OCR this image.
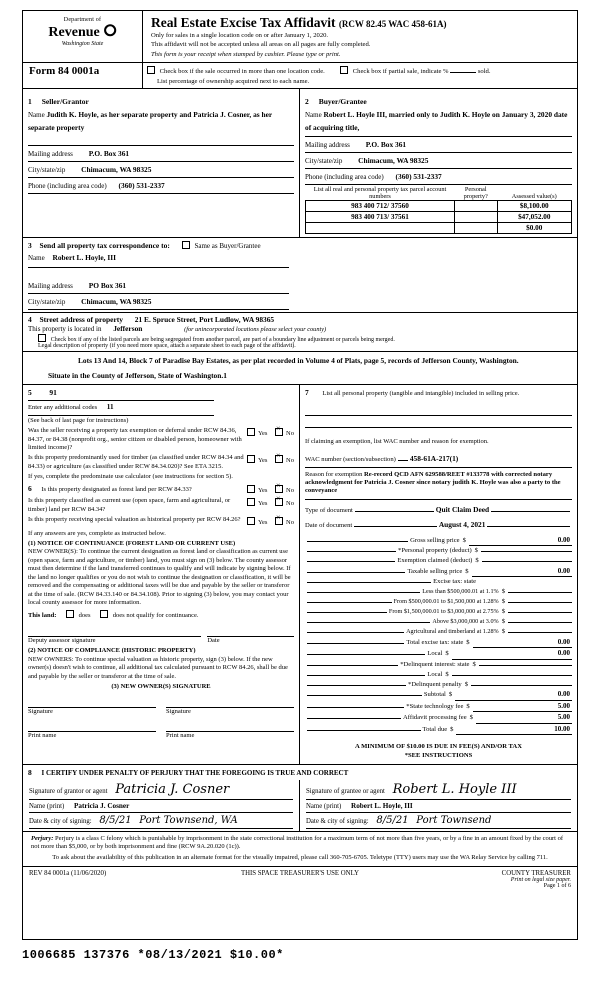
Department of
Revenue ⭘
Washington State
Real Estate Excise Tax Affidavit (RCW 82.45 WAC 458-61A)
Only for sales in a single location code on or after January 1, 2020.
This affidavit will not be accepted unless all areas on all pages are fully completed.
This form is your receipt when stamped by cashier. Please type or print.
Form 84 0001a	Check box if the sale occurred in more than one location code.	Check box if partial sale, indicate %	sold.
List percentage of ownership acquired next to each name.
1 Seller/Grantor
Name Judith K. Hoyle, as her separate property and Patricia J. Cosner, as her separate property
Mailing address P.O. Box 361
City/state/zip Chimacum, WA 98325
Phone (including area code) (360) 531-2337
2 Buyer/Grantee
Name Robert L. Hoyle III, married only to Judith K. Hoyle on January 3, 2020 date of acquiring title,
Mailing address P.O. Box 361
City/state/zip Chimacum, WA 98325
Phone (including area code) (360) 531-2337
List all real and personal property tax parcel account numbers	Personal property?	Assessed value(s)
983 400 712/ 37560		$8,100.00
983 400 713/ 37561		$47,052.00
		$0.00
3 Send all property tax correspondence to:	Same as Buyer/Grantee
Name Robert L. Hoyle, III
Mailing address PO Box 361
City/state/zip Chimacum, WA 98325
4 Street address of property 21 E. Spruce Street, Port Ludlow, WA 98365
This property is located in Jefferson	(for unincorporated locations please select your county)
Check box if any of the listed parcels are being segregated from another parcel, are part of a boundary line adjustment or parcels being merged.
Legal description of property (if you need more space, attach a separate sheet to each page of the affidavit).
Lots 13 And 14, Block 7 of Paradise Bay Estates, as per plat recorded in Volume 4 of Plats, page 5, records of Jefferson County, Washington.
Situate in the County of Jefferson, State of Washington.1
5 91
Enter any additional codes 11
(See back of last page for instructions)
Yes ×	No
Was the seller receiving a property tax exemption or deferral under RCW 84.36, 84.37, or 84.38 (nonprofit org., senior citizen or disabled person, homeowner with limited income)?
Yes ×	No
Is this property predominantly used for timber (as classified under RCW 84.34 and 84.33) or agriculture (as classified under RCW 84.34.020)? See ETA 3215.
If yes, complete the predominate use calculator (see instructions for section 5).
6	Yes ×	No
Is this property designated as forest land per RCW 84.33?
Yes ×	No
Is this property classified as current use (open space, farm and agricultural, or timber) land per RCW 84.34?
Yes ×	No
Is this property receiving special valuation as historical property per RCW 84.26?
If any answers are yes, complete as instructed below.
(1) NOTICE OF CONTINUANCE (FOREST LAND OR CURRENT USE)
NEW OWNER(S): To continue the current designation as forest land or classification as current use (open space, farm and agriculture, or timber) land, you must sign on (3) below. The county assessor must then determine if the land transferred continues to qualify and will indicate by signing below. If the land no longer qualifies or you do not wish to continue the designation or classification, it will be removed and the compensating or additional taxes will be due and payable by the seller or transferor at the time of sale. (RCW 84.33.140 or 84.34.108). Prior to signing (3) below, you may contact your local county assessor for more information.
This land:	does	does not qualify for continuance.
Deputy assessor signature	Date
(2) NOTICE OF COMPLIANCE (HISTORIC PROPERTY)
NEW OWNERS: To continue special valuation as historic property, sign (3) below. If the new owner(s) doesn't wish to continue, all additional tax calculated pursuant to RCW 84.26, shall be due and payable by the seller or transferor at the time of sale.
(3) NEW OWNER(S) SIGNATURE
Signature	Signature
Print name	Print name
7 List all personal property (tangible and intangible) included in selling price.
If claiming an exemption, list WAC number and reason for exemption.
WAC number (section/subsection) 458-61A-217(1)
Reason for exemption Re-record QCD AFN 629588/REET #133778 with corrected notary acknowledgment for Patricia J. Cosner since notary judith K. Hoyle was also a party to the conveyance
Type of document	Quit Claim Deed
Date of document	August 4, 2021
Gross selling price $	0.00
*Personal property (deduct) $
Exemption claimed (deduct) $
Taxable selling price $	0.00
Excise tax: state
Less than $500,000.01 at 1.1% $
From $500,000.01 to $1,500,000 at 1.28% $
From $1,500,000.01 to $3,000,000 at 2.75% $
Above $3,000,000 at 3.0% $
Agricultural and timberland at 1.28% $
Total excise tax: state $	0.00
Local $	0.00
*Delinquent interest: state $
Local $
*Delinquent penalty $
Subtotal $	0.00
*State technology fee $	5.00
Affidavit processing fee $	5.00
Total due $	10.00
A MINIMUM OF $10.00 IS DUE IN FEE(S) AND/OR TAX
*SEE INSTRUCTIONS
8 I CERTIFY UNDER PENALTY OF PERJURY THAT THE FOREGOING IS TRUE AND CORRECT
Signature of grantor or agent Patricia J. Cosner
Name (print) Patricia J. Cosner
Date & city of signing: 8/5/21 Port Townsend, WA
Signature of grantee or agent Robert L. Hoyle III
Name (print) Robert L. Hoyle, III
Date & city of signing: 8/5/21 Port Townsend
Perjury: Perjury is a class C felony which is punishable by imprisonment in the state correctional institution for a maximum term of not more than five years, or by a fine in an amount fixed by the court of not more than $5,000, or by both imprisonment and fine (RCW 9A.20.020 (1c)).
To ask about the availability of this publication in an alternate format for the visually impaired, please call 360-705-6705. Teletype (TTY) users may use the WA Relay Service by calling 711.
REV 84 0001a (11/06/2020)	THIS SPACE TREASURER'S USE ONLY	COUNTY TREASURER
Print on legal size paper.
Page 1 of 6
1006685 137376 *08/13/2021 $10.00*
